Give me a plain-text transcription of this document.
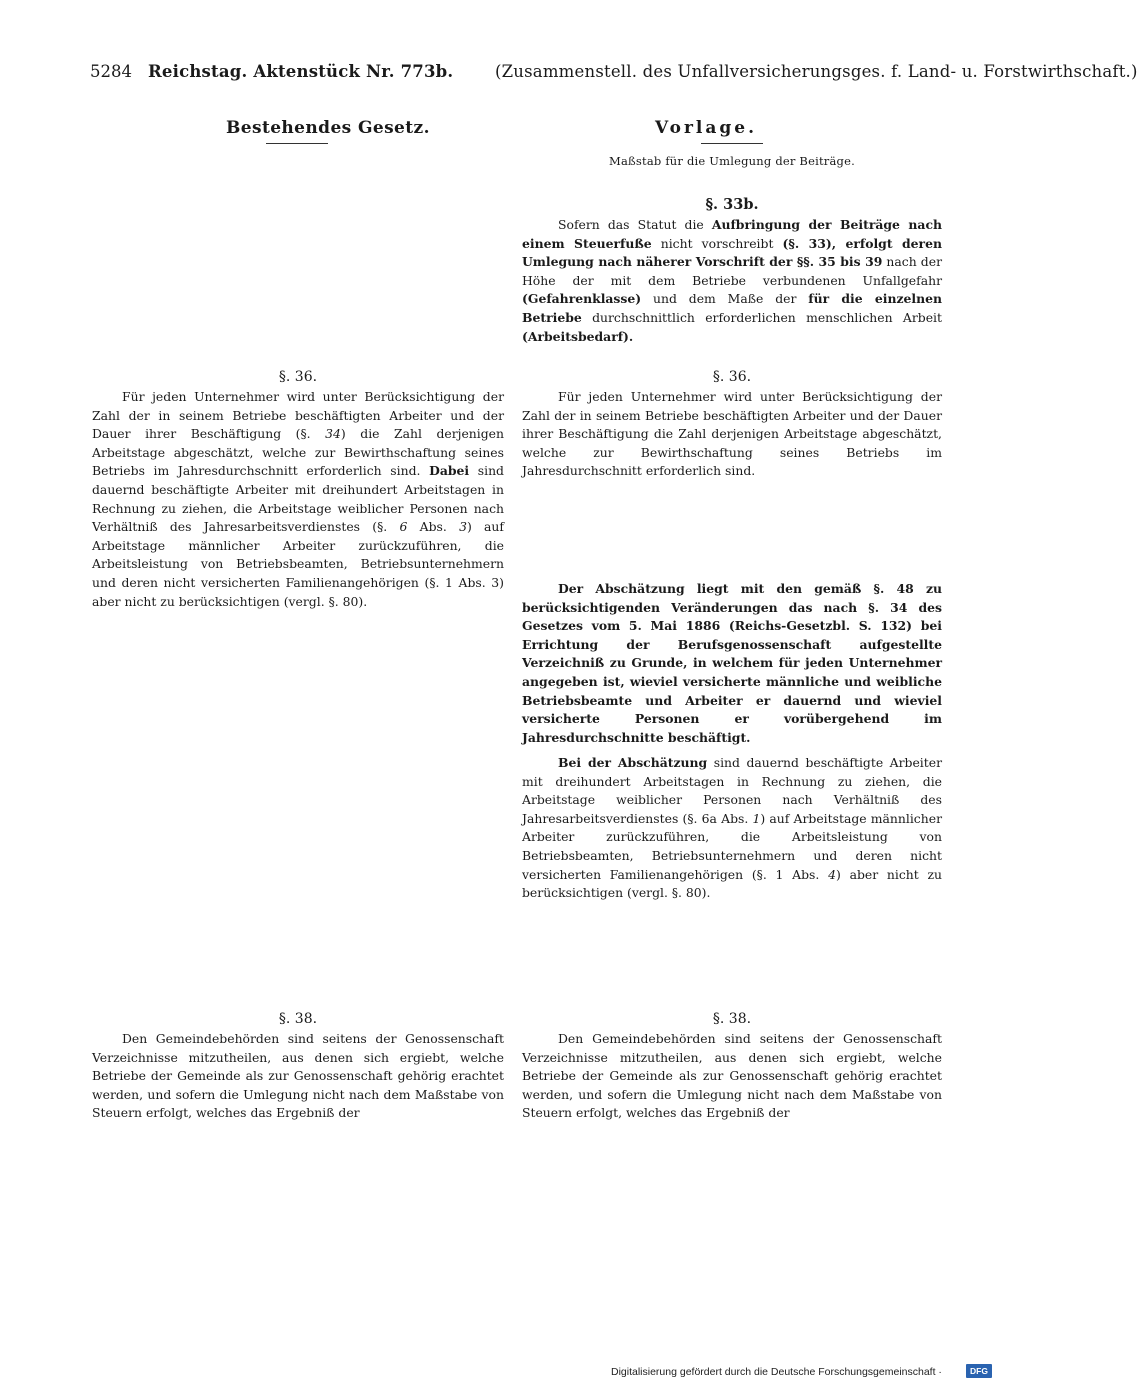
5284 Reichstag. Aktenstück Nr. 773b.	(Zusammenstell. des Unfallversicherungsges. f. Land- u. Forstwirthschaft.)
Bestehendes Gesetz.	Vorlage.
Maßstab für die Umlegung der Beiträge.
§. 33b.

Sofern das Statut die Aufbringung der Beiträge nach einem Steuerfuße nicht vorschreibt (§. 33), erfolgt deren Umlegung nach näherer Vorschrift der §§. 35 bis 39 nach der Höhe der mit dem Betriebe verbundenen Unfallgefahr (Gefahrenklasse) und dem Maße der für die einzelnen Betriebe durchschnittlich erforderlichen menschlichen Arbeit (Arbeitsbedarf).

§. 36.

Für jeden Unternehmer wird unter Berücksichtigung der Zahl der in seinem Betriebe beschäftigten Arbeiter und der Dauer ihrer Beschäftigung (§. 34) die Zahl derjenigen Arbeitstage abgeschätzt, welche zur Bewirthschaftung seines Betriebs im Jahresdurchschnitt erforderlich sind. Dabei sind dauernd beschäftigte Arbeiter mit dreihundert Arbeitstagen in Rechnung zu ziehen, die Arbeitstage weiblicher Personen nach Verhältniß des Jahresarbeitsverdienstes (§. 6 Abs. 3) auf Arbeitstage männlicher Arbeiter zurückzuführen, die Arbeitsleistung von Betriebsbeamten, Betriebsunternehmern und deren nicht versicherten Familienangehörigen (§. 1 Abs. 3) aber nicht zu berücksichtigen (vergl. §. 80).

§. 36.

Für jeden Unternehmer wird unter Berücksichtigung der Zahl der in seinem Betriebe beschäftigten Arbeiter und der Dauer ihrer Beschäftigung die Zahl derjenigen Arbeitstage abgeschätzt, welche zur Bewirthschaftung seines Betriebs im Jahresdurchschnitt erforderlich sind.

Der Abschätzung liegt mit den gemäß §. 48 zu berücksichtigenden Veränderungen das nach §. 34 des Gesetzes vom 5. Mai 1886 (Reichs-Gesetzbl. S. 132) bei Errichtung der Berufsgenossenschaft aufgestellte Verzeichniß zu Grunde, in welchem für jeden Unternehmer angegeben ist, wieviel versicherte männliche und weibliche Betriebsbeamte und Arbeiter er dauernd und wieviel versicherte Personen er vorübergehend im Jahresdurchschnitte beschäftigt.

Bei der Abschätzung sind dauernd beschäftigte Arbeiter mit dreihundert Arbeitstagen in Rechnung zu ziehen, die Arbeitstage weiblicher Personen nach Verhältniß des Jahresarbeitsverdienstes (§. 6a Abs. 1) auf Arbeitstage männlicher Arbeiter zurückzuführen, die Arbeitsleistung von Betriebsbeamten, Betriebsunternehmern und deren nicht versicherten Familienangehörigen (§. 1 Abs. 4) aber nicht zu berücksichtigen (vergl. §. 80).

§. 38.

Den Gemeindebehörden sind seitens der Genossenschaft Verzeichnisse mitzutheilen, aus denen sich ergiebt, welche Betriebe der Gemeinde als zur Genossenschaft gehörig erachtet werden, und sofern die Umlegung nicht nach dem Maßstabe von Steuern erfolgt, welches das Ergebniß der

§. 38.

Den Gemeindebehörden sind seitens der Genossenschaft Verzeichnisse mitzutheilen, aus denen sich ergiebt, welche Betriebe der Gemeinde als zur Genossenschaft gehörig erachtet werden, und sofern die Umlegung nicht nach dem Maßstabe von Steuern erfolgt, welches das Ergebniß der

Digitalisierung gefördert durch die Deutsche Forschungsgemeinschaft ·	DFG
